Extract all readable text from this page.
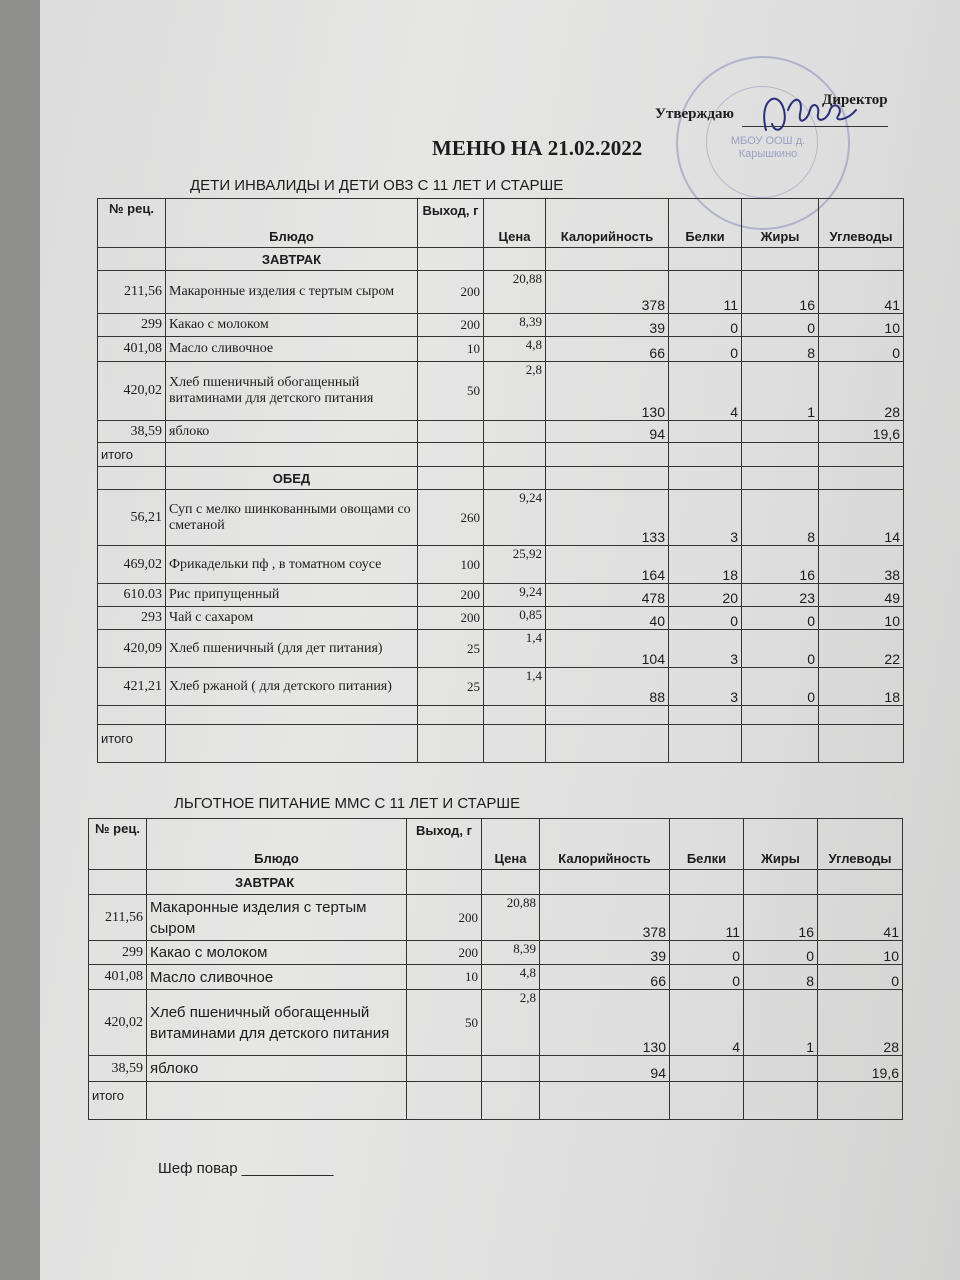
МБОУ ООШ д. Карышкино
Директор
Утверждаю
МЕНЮ НА 21.02.2022
ДЕТИ ИНВАЛИДЫ И ДЕТИ ОВЗ С 11 ЛЕТ И СТАРШЕ
№ рец.	Блюдо	Выход, г	Цена	Калорийность	Белки	Жиры	Углеводы
	ЗАВТРАК						
211,56	Макаронные изделия с тертым сыром	200	20,88	378	11	16	41
299	Какао с молоком	200	8,39	39	0	0	10
401,08	Масло сливочное	10	4,8	66	0	8	0
420,02	Хлеб пшеничный обогащенный витаминами для детского питания	50	2,8	130	4	1	28
38,59	яблоко			94			19,6
итого							
	ОБЕД						
56,21	Суп с мелко шинкованными овощами со сметаной	260	9,24	133	3	8	14
469,02	Фрикадельки пф , в томатном соусе	100	25,92	164	18	16	38
610.03	Рис припущенный	200	9,24	478	20	23	49
293	Чай с сахаром	200	0,85	40	0	0	10
420,09	Хлеб пшеничный (для дет питания)	25	1,4	104	3	0	22
421,21	Хлеб ржаной ( для детского питания)	25	1,4	88	3	0	18

итого							
ЛЬГОТНОЕ ПИТАНИЕ ММС С 11 ЛЕТ И СТАРШЕ
№ рец.	Блюдо	Выход, г	Цена	Калорийность	Белки	Жиры	Углеводы
	ЗАВТРАК						
211,56	Макаронные изделия с тертым сыром	200	20,88	378	11	16	41
299	Какао с молоком	200	8,39	39	0	0	10
401,08	Масло сливочное	10	4,8	66	0	8	0
420,02	Хлеб пшеничный обогащенный витаминами для детского питания	50	2,8	130	4	1	28
38,59	яблоко			94			19,6
итого							
Шеф повар ___________
